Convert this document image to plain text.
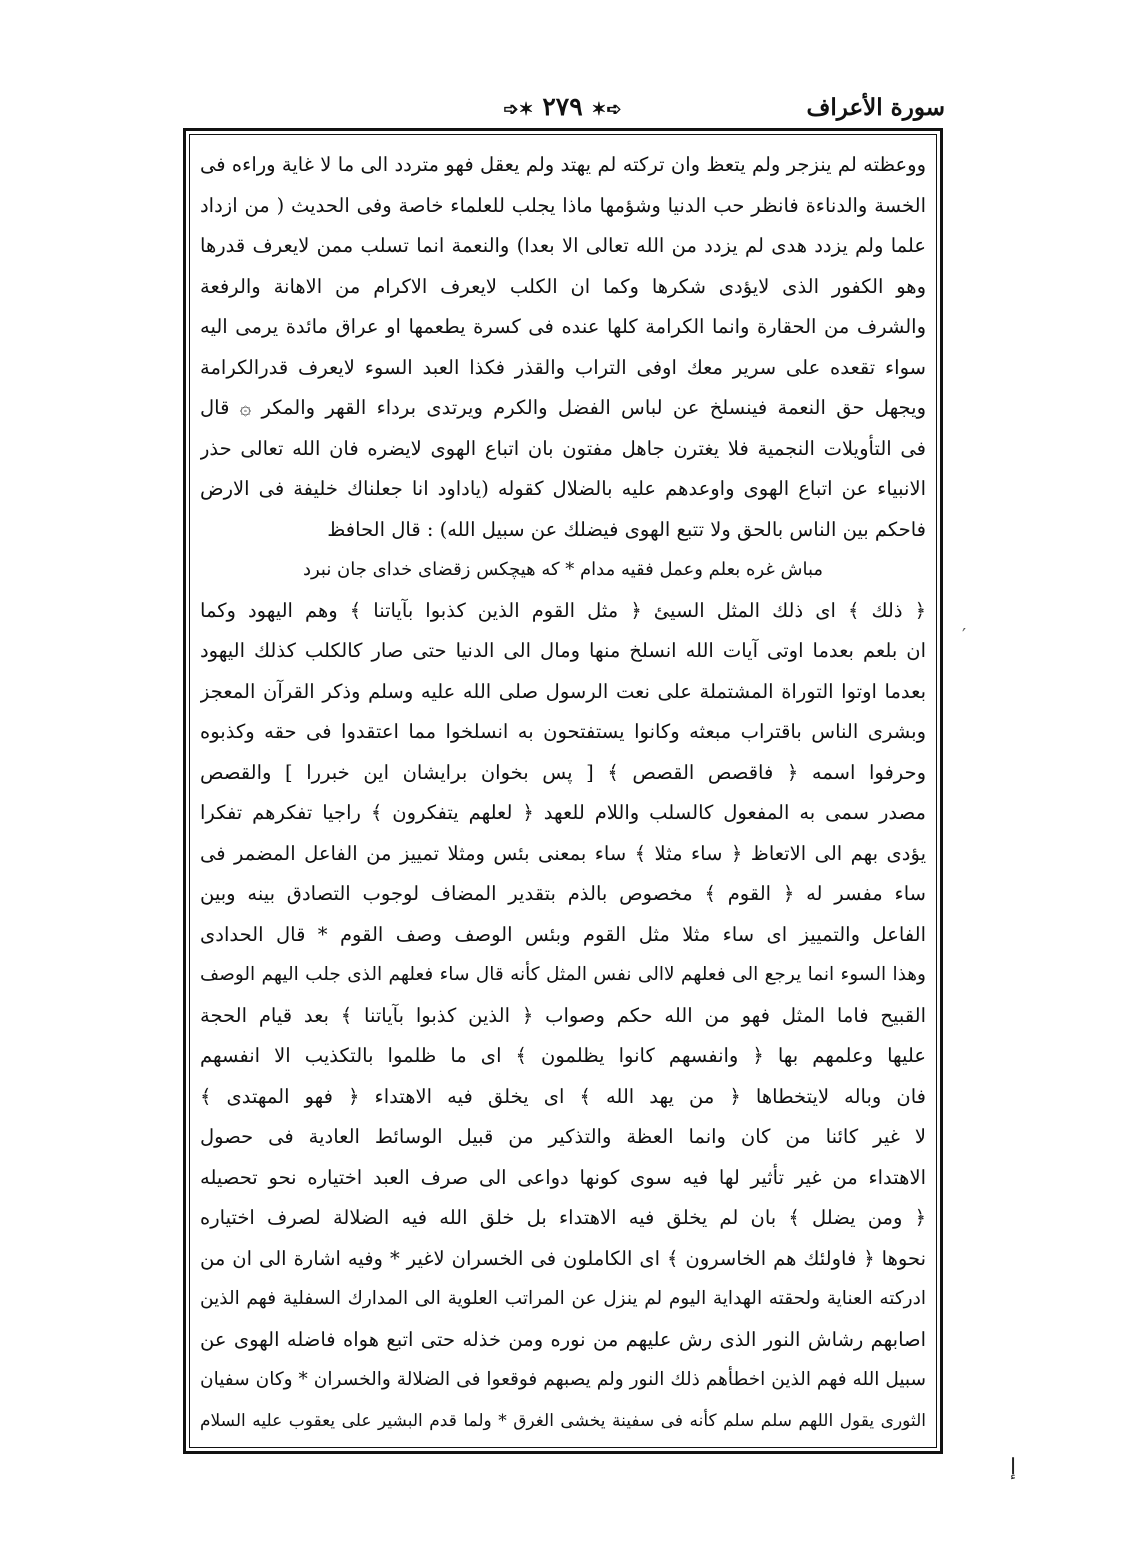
سورة الأعراف
➪✶ ٢٧٩ ✶➩
ووعظته لم ينزجر ولم يتعظ وان تركته لم يهتد ولم يعقل فهو متردد الى ما لا غاية وراءه فى
الخسة والدناءة فانظر حب الدنيا وشؤمها ماذا يجلب للعلماء خاصة وفى الحديث ( من ازداد
علما ولم يزدد هدى لم يزدد من الله تعالى الا بعدا) والنعمة انما تسلب ممن لايعرف قدرها
وهو الكفور الذى لايؤدى شكرها وكما ان الكلب لايعرف الاكرام من الاهانة والرفعة
والشرف من الحقارة وانما الكرامة كلها عنده فى كسرة يطعمها او عراق مائدة يرمى اليه
سواء تقعده على سرير معك اوفى التراب والقذر فكذا العبد السوء لايعرف قدرالكرامة
ويجهل حق النعمة فينسلخ عن لباس الفضل والكرم ويرتدى برداء القهر والمكر ۞ قال
فى التأويلات النجمية فلا يغترن جاهل مفتون بان اتباع الهوى لايضره فان الله تعالى حذر
الانبياء عن اتباع الهوى واوعدهم عليه بالضلال كقوله (ياداود انا جعلناك خليفة فى الارض
فاحكم بين الناس بالحق ولا تتبع الهوى فيضلك عن سبيل الله) : قال الحافظ
مباش غره بعلم وعمل فقيه مدام * كه هيچكس زقضاى خداى جان نبرد
﴿ ذلك ﴾ اى ذلك المثل السيئ ﴿ مثل القوم الذين كذبوا بآياتنا ﴾ وهم اليهود وكما
ان بلعم بعدما اوتى آيات الله انسلخ منها ومال الى الدنيا حتى صار كالكلب كذلك اليهود
بعدما اوتوا التوراة المشتملة على نعت الرسول صلى الله عليه وسلم وذكر القرآن المعجز
وبشرى الناس باقتراب مبعثه وكانوا يستفتحون به انسلخوا مما اعتقدوا فى حقه وكذبوه
وحرفوا اسمه ﴿ فاقصص القصص ﴾ [ پس بخوان برايشان اين خبررا ] والقصص
مصدر سمى به المفعول كالسلب واللام للعهد ﴿ لعلهم يتفكرون ﴾ راجيا تفكرهم تفكرا
يؤدى بهم الى الاتعاظ ﴿ ساء مثلا ﴾ ساء بمعنى بئس ومثلا تمييز من الفاعل المضمر فى
ساء مفسر له ﴿ القوم ﴾ مخصوص بالذم بتقدير المضاف لوجوب التصادق بينه وبين
الفاعل والتمييز اى ساء مثلا مثل القوم وبئس الوصف وصف القوم * قال الحدادى
وهذا السوء انما يرجع الى فعلهم لاالى نفس المثل كأنه قال ساء فعلهم الذى جلب اليهم الوصف
القبيح فاما المثل فهو من الله حكم وصواب ﴿ الذين كذبوا بآياتنا ﴾ بعد قيام الحجة
عليها وعلمهم بها ﴿ وانفسهم كانوا يظلمون ﴾ اى ما ظلموا بالتكذيب الا انفسهم
فان وباله لايتخطاها ﴿ من يهد الله ﴾ اى يخلق فيه الاهتداء ﴿ فهو المهتدى ﴾
لا غير كائنا من كان وانما العظة والتذكير من قبيل الوسائط العادية فى حصول
الاهتداء من غير تأثير لها فيه سوى كونها دواعى الى صرف العبد اختياره نحو تحصيله
﴿ ومن يضلل ﴾ بان لم يخلق فيه الاهتداء بل خلق الله فيه الضلالة لصرف اختياره
نحوها ﴿ فاولئك هم الخاسرون ﴾ اى الكاملون فى الخسران لاغير * وفيه اشارة الى ان من
ادركته العناية ولحقته الهداية اليوم لم ينزل عن المراتب العلوية الى المدارك السفلية فهم الذين
اصابهم رشاش النور الذى رش عليهم من نوره ومن خذله حتى اتبع هواه فاضله الهوى عن
سبيل الله فهم الذين اخطأهم ذلك النور ولم يصبهم فوقعوا فى الضلالة والخسران * وكان سفيان
الثورى يقول اللهم سلم سلم كأنه فى سفينة يخشى الغرق * ولما قدم البشير على يعقوب عليه السلام
′
إ
